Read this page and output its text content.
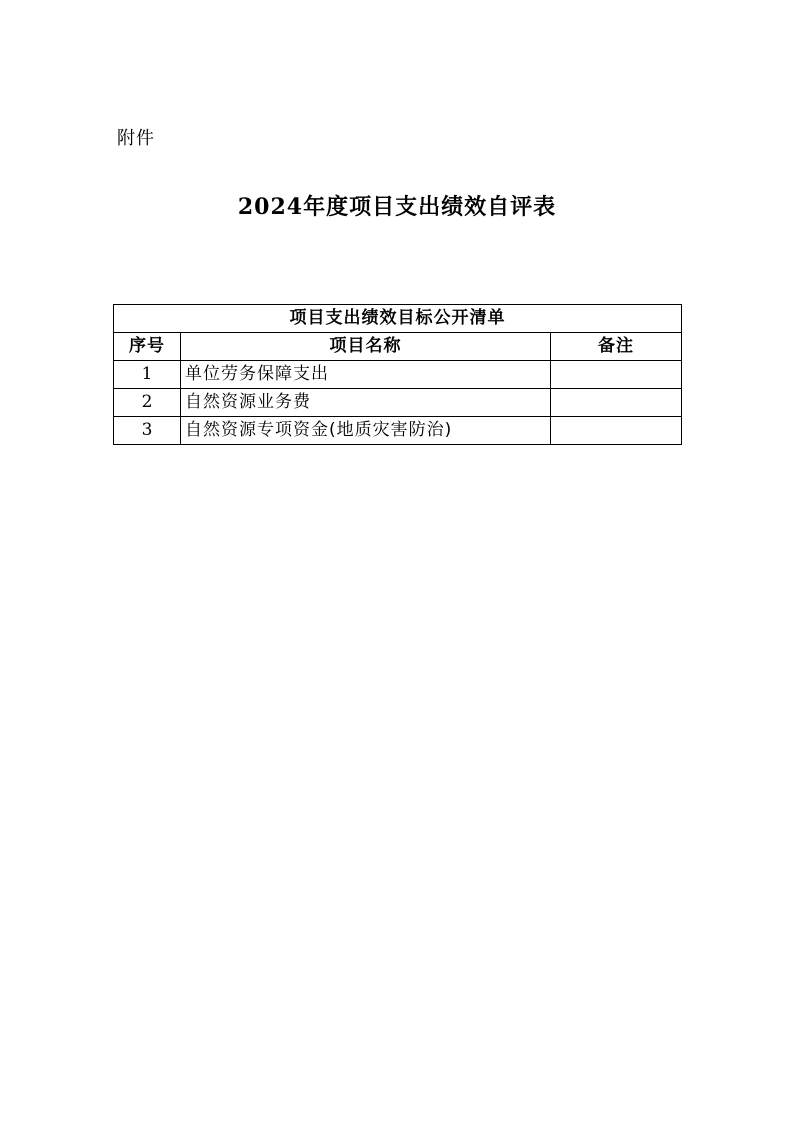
附件
2024年度项目支出绩效自评表
项目支出绩效目标公开清单		
序号	项目名称	备注
1	单位劳务保障支出	
2	自然资源业务费	
3	自然资源专项资金(地质灾害防治)	
